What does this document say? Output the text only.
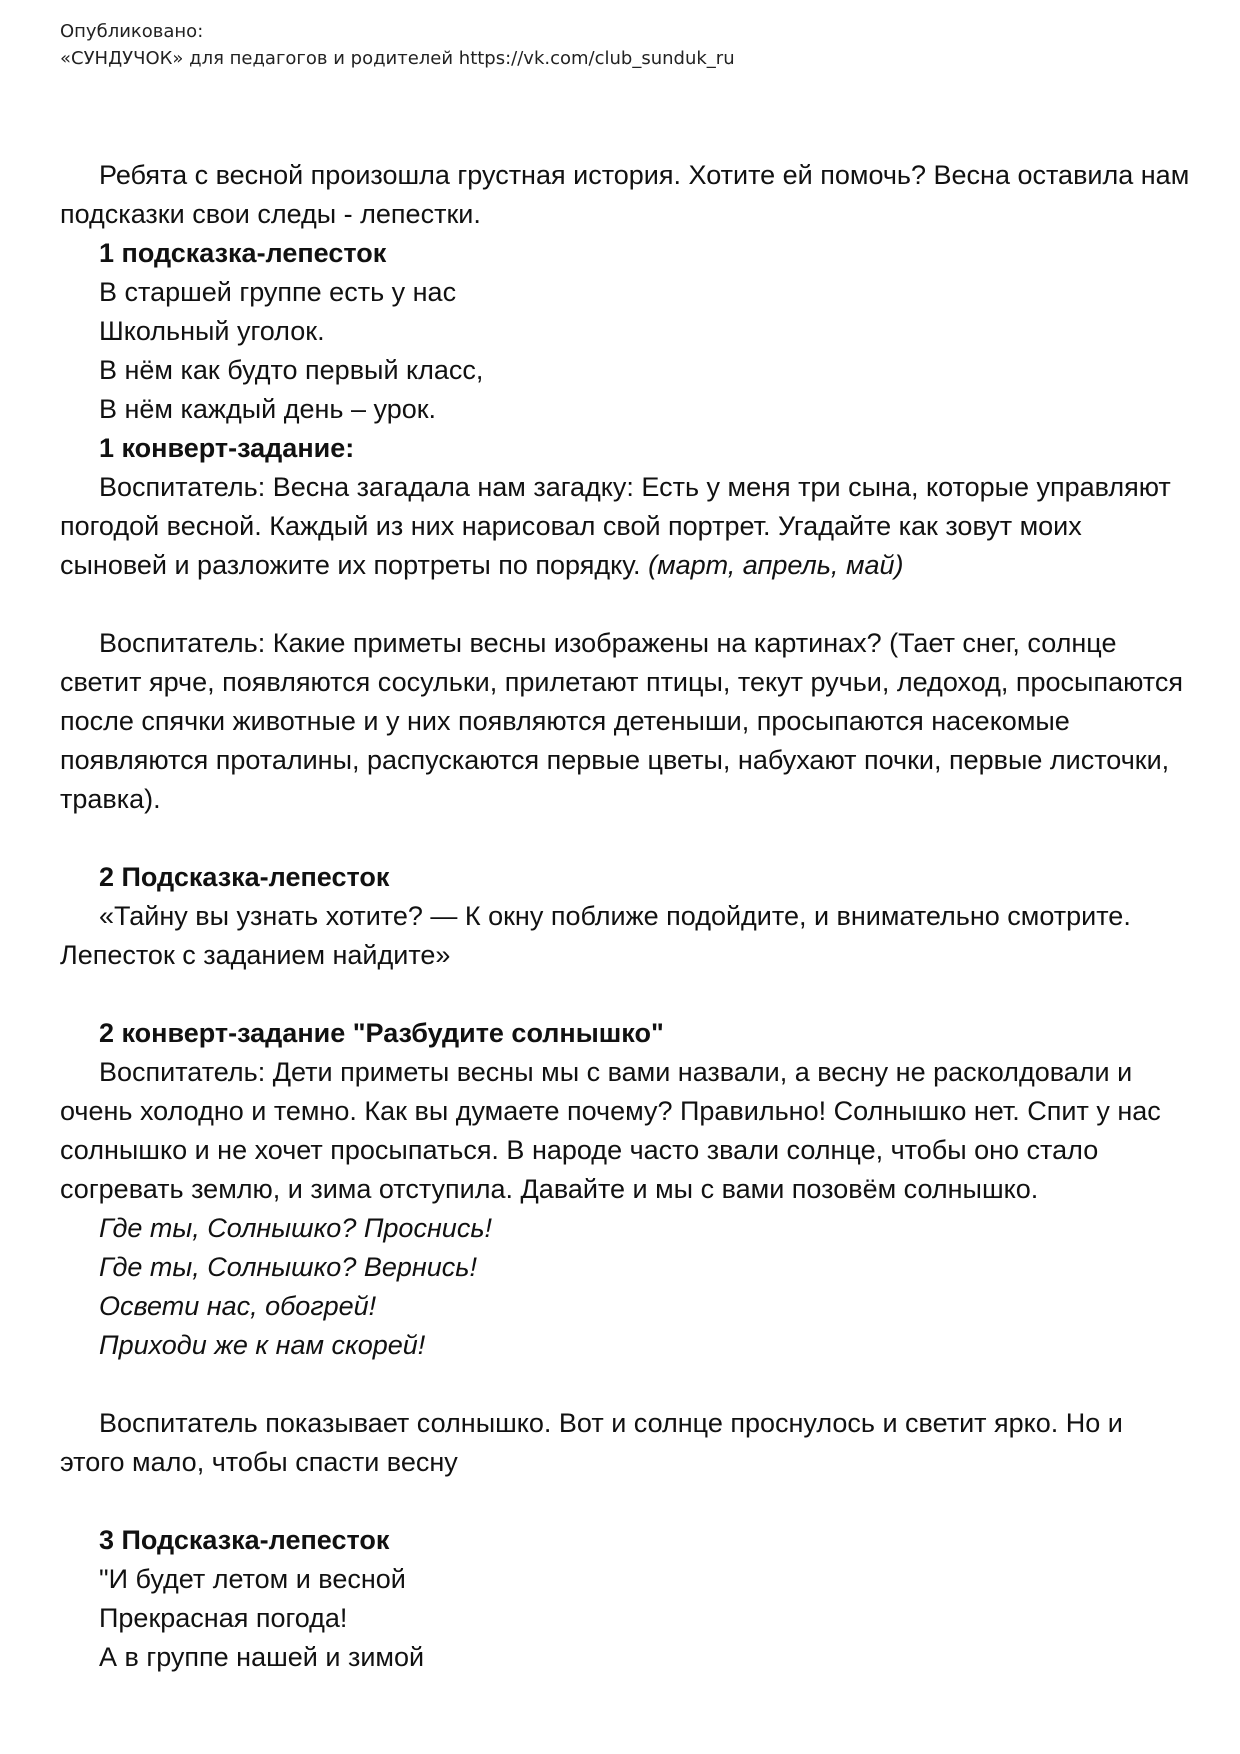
Опубликовано:
«СУНДУЧОК» для педагогов и родителей https://vk.com/club_sunduk_ru

Ребята с весной произошла грустная история. Хотите ей помочь? Весна оставила нам подсказки свои следы - лепестки.

1 подсказка-лепесток
В старшей группе есть у нас
Школьный уголок.
В нём как будто первый класс,
В нём каждый день – урок.
1 конверт-задание:

Воспитатель: Весна загадала нам загадку: Есть у меня три сына, которые управляют погодой весной. Каждый из них нарисовал свой портрет. Угадайте как зовут моих сыновей и разложите их портреты по порядку. (март, апрель, май)

Воспитатель: Какие приметы весны изображены на картинах? (Тает снег, солнце светит ярче, появляются сосульки, прилетают птицы, текут ручьи, ледоход, просыпаются после спячки животные и у них появляются детеныши, просыпаются насекомые появляются проталины, распускаются первые цветы, набухают почки, первые листочки, травка).

2 Подсказка-лепесток

«Тайну вы узнать хотите? — К окну поближе подойдите, и внимательно смотрите. Лепесток с заданием найдите»

2 конверт-задание "Разбудите солнышко"

Воспитатель: Дети приметы весны мы с вами назвали, а весну не расколдовали и очень холодно и темно. Как вы думаете почему? Правильно! Солнышко нет. Спит у нас солнышко и не хочет просыпаться. В народе часто звали солнце, чтобы оно стало согревать землю, и зима отступила. Давайте и мы с вами позовём солнышко.

Где ты, Солнышко? Проснись!
Где ты, Солнышко? Вернись!
Освети нас, обогрей!
Приходи же к нам скорей!

Воспитатель показывает солнышко. Вот и солнце проснулось и светит ярко. Но и этого мало, чтобы спасти весну

3 Подсказка-лепесток
"И будет летом и весной
Прекрасная погода!
А в группе нашей и зимой
